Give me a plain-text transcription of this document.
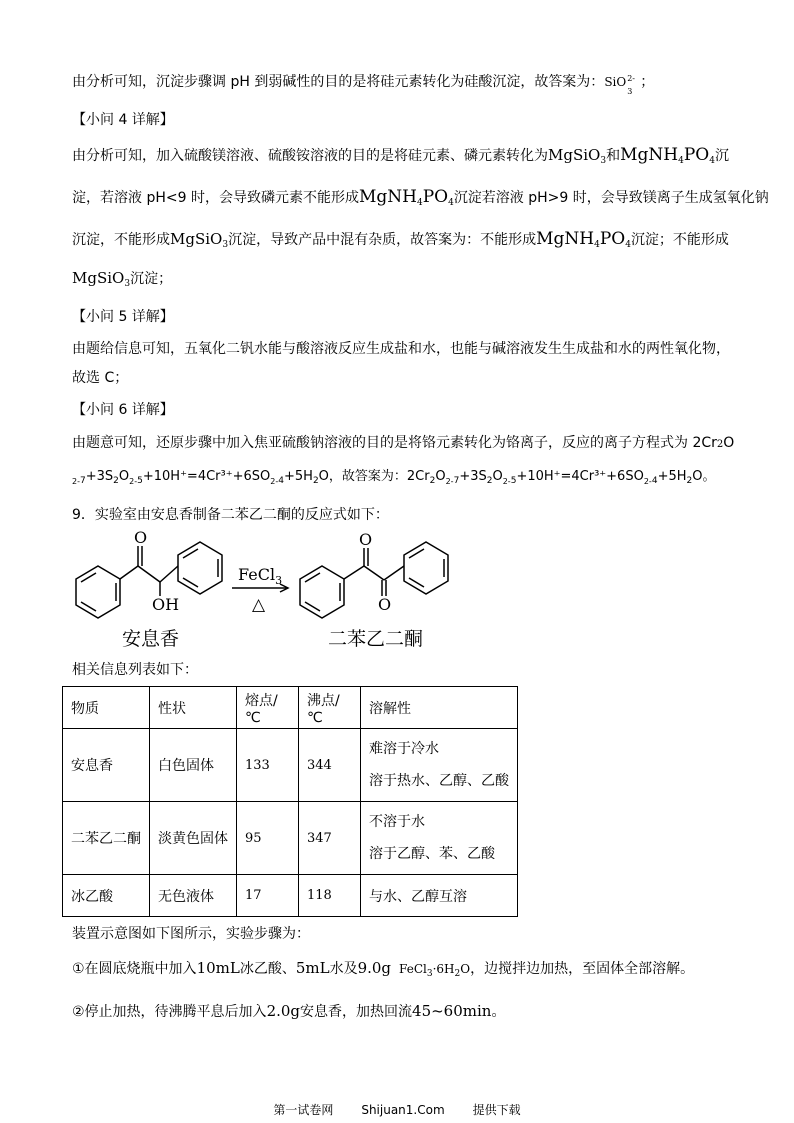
由分析可知，沉淀步骤调 pH 到弱碱性的目的是将硅元素转化为硅酸沉淀，故答案为：SiO 2-
3
；
【小问 4 详解】
由分析可知，加入硫酸镁溶液、硫酸铵溶液的目的是将硅元素、磷元素转化为MgSiO$_3$和$MgNH_4PO_4$沉
淀，若溶液 pH<9 时，会导致磷元素不能形成$MgNH_4PO_4$沉淀若溶液 pH>9 时，会导致镁离子生成氢氧化钠
沉淀，不能形成MgSiO$_3$沉淀，导致产品中混有杂质，故答案为：不能形成$MgNH_4PO_4$沉淀；不能形成
MgSiO$_3$沉淀；
【小问 5 详解】
由题给信息可知，五氧化二钒水能与酸溶液反应生成盐和水，也能与碱溶液发生生成盐和水的两性氧化物，
故选 C；
【小问 6 详解】
由题意可知，还原步骤中加入焦亚硫酸钠溶液的目的是将铬元素转化为铬离子，反应的离子方程式为 2Cr2O
2- $_7+3S_2O$ 2- $_5$+10H⁺=4Cr³⁺+6SO 2- $_4+5H_2O$，故答案为：$2Cr_2O$ 2- $_7+3S_2O$ 2- $_5$+10H⁺=4Cr³⁺+6SO 2- $_4+5H_2O$。
9．实验室由安息香制备二苯乙二酮的反应式如下：
O
OH
O
O
FeCl$_3$
△
安息香	二苯乙二酮
相关信息列表如下：
物质	性状	熔点/℃	沸点/℃	溶解性
安息香	白色固体	133	344	难溶于冷水
溶于热水、乙醇、乙酸

二苯乙二酮	淡黄色固体	95	347	不溶于水
溶于乙醇、苯、乙酸

冰乙酸	无色液体	17	118	与水、乙醇互溶
装置示意图如下图所示，实验步骤为：
①在圆底烧瓶中加入10mL冰乙酸、5mL水及9.0g $FeCl_3\cdot 6H_2O$，边搅拌边加热，至固体全部溶解。
②停止加热，待沸腾平息后加入2.0g安息香，加热回流45~60min。
第一试卷网 Shijuan1.Com 提供下载
